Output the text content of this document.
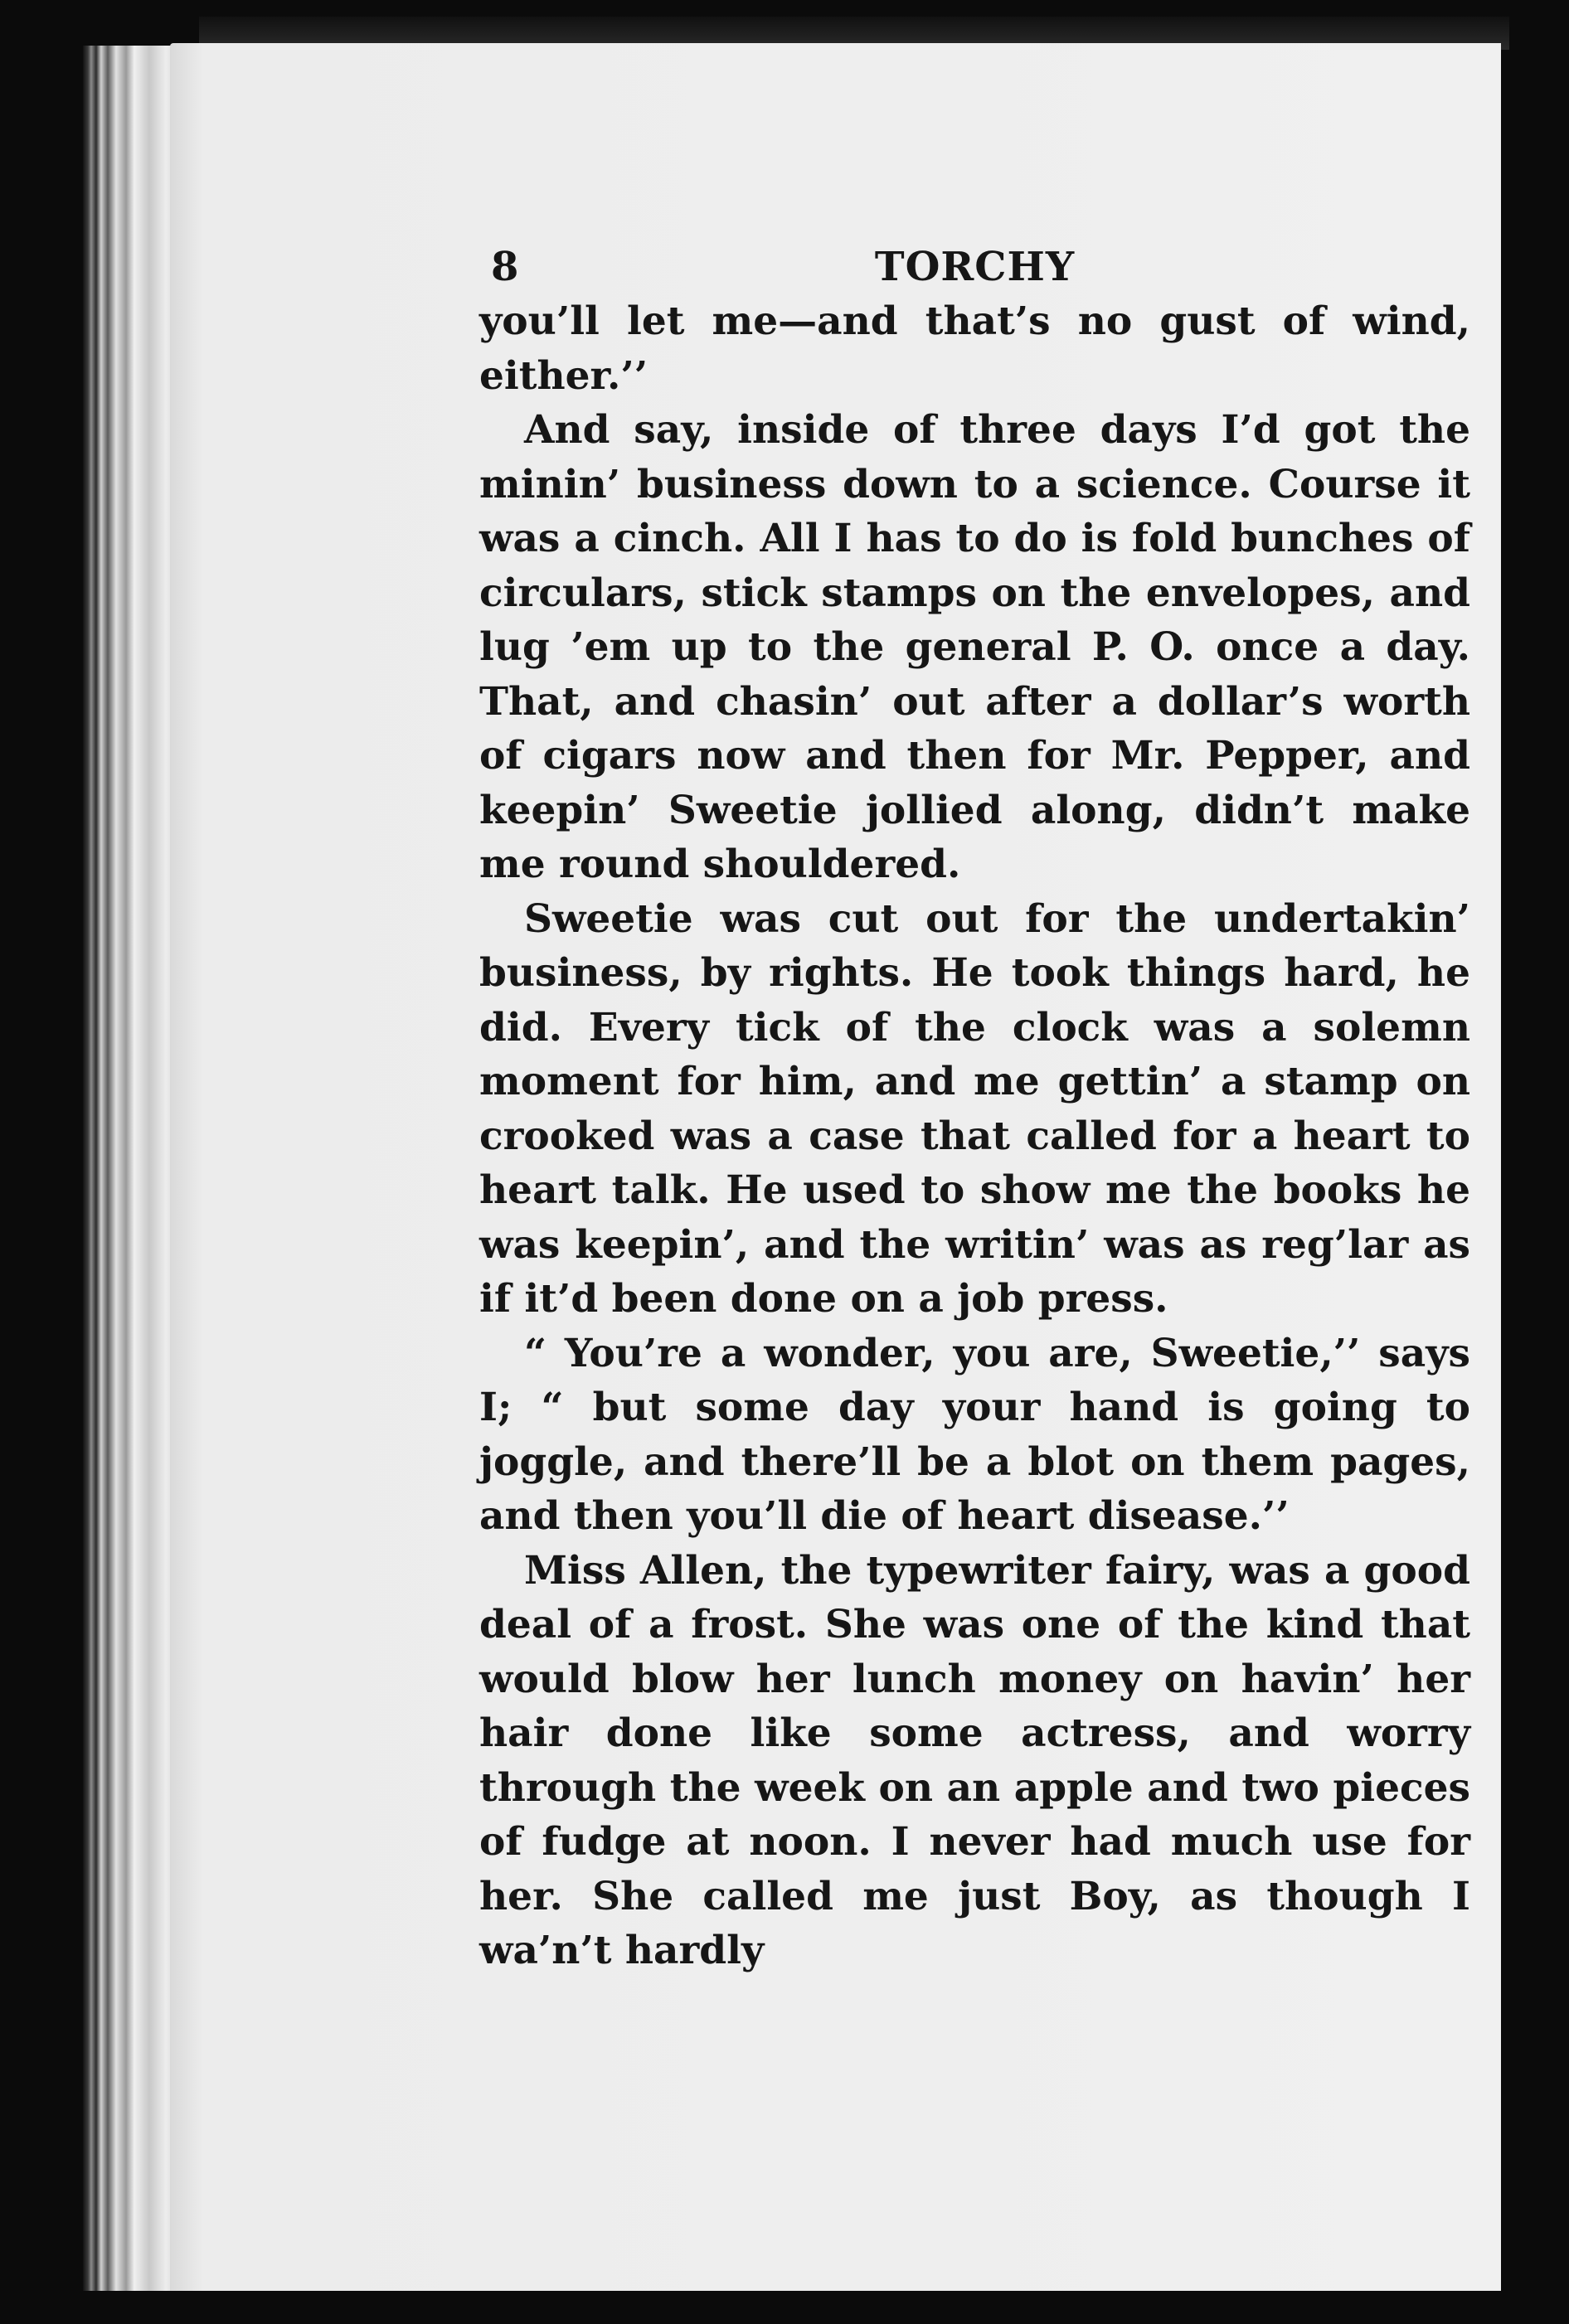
8	TORCHY

you’ll let me—and that’s no gust of wind, either.’’

And say, inside of three days I’d got the minin’ business down to a science. Course it was a cinch. All I has to do is fold bunches of circulars, stick stamps on the envelopes, and lug ’em up to the general P. O. once a day. That, and chasin’ out after a dollar’s worth of cigars now and then for Mr. Pepper, and keepin’ Sweetie jollied along, didn’t make me round shouldered.

Sweetie was cut out for the undertakin’ business, by rights. He took things hard, he did. Every tick of the clock was a solemn moment for him, and me gettin’ a stamp on crooked was a case that called for a heart to heart talk. He used to show me the books he was keepin’, and the writin’ was as reg’lar as if it’d been done on a job press.

“ You’re a wonder, you are, Sweetie,’’ says I; “ but some day your hand is going to joggle, and there’ll be a blot on them pages, and then you’ll die of heart disease.’’

Miss Allen, the typewriter fairy, was a good deal of a frost. She was one of the kind that would blow her lunch money on havin’ her hair done like some actress, and worry through the week on an apple and two pieces of fudge at noon. I never had much use for her. She called me just Boy, as though I wa’n’t hardly
